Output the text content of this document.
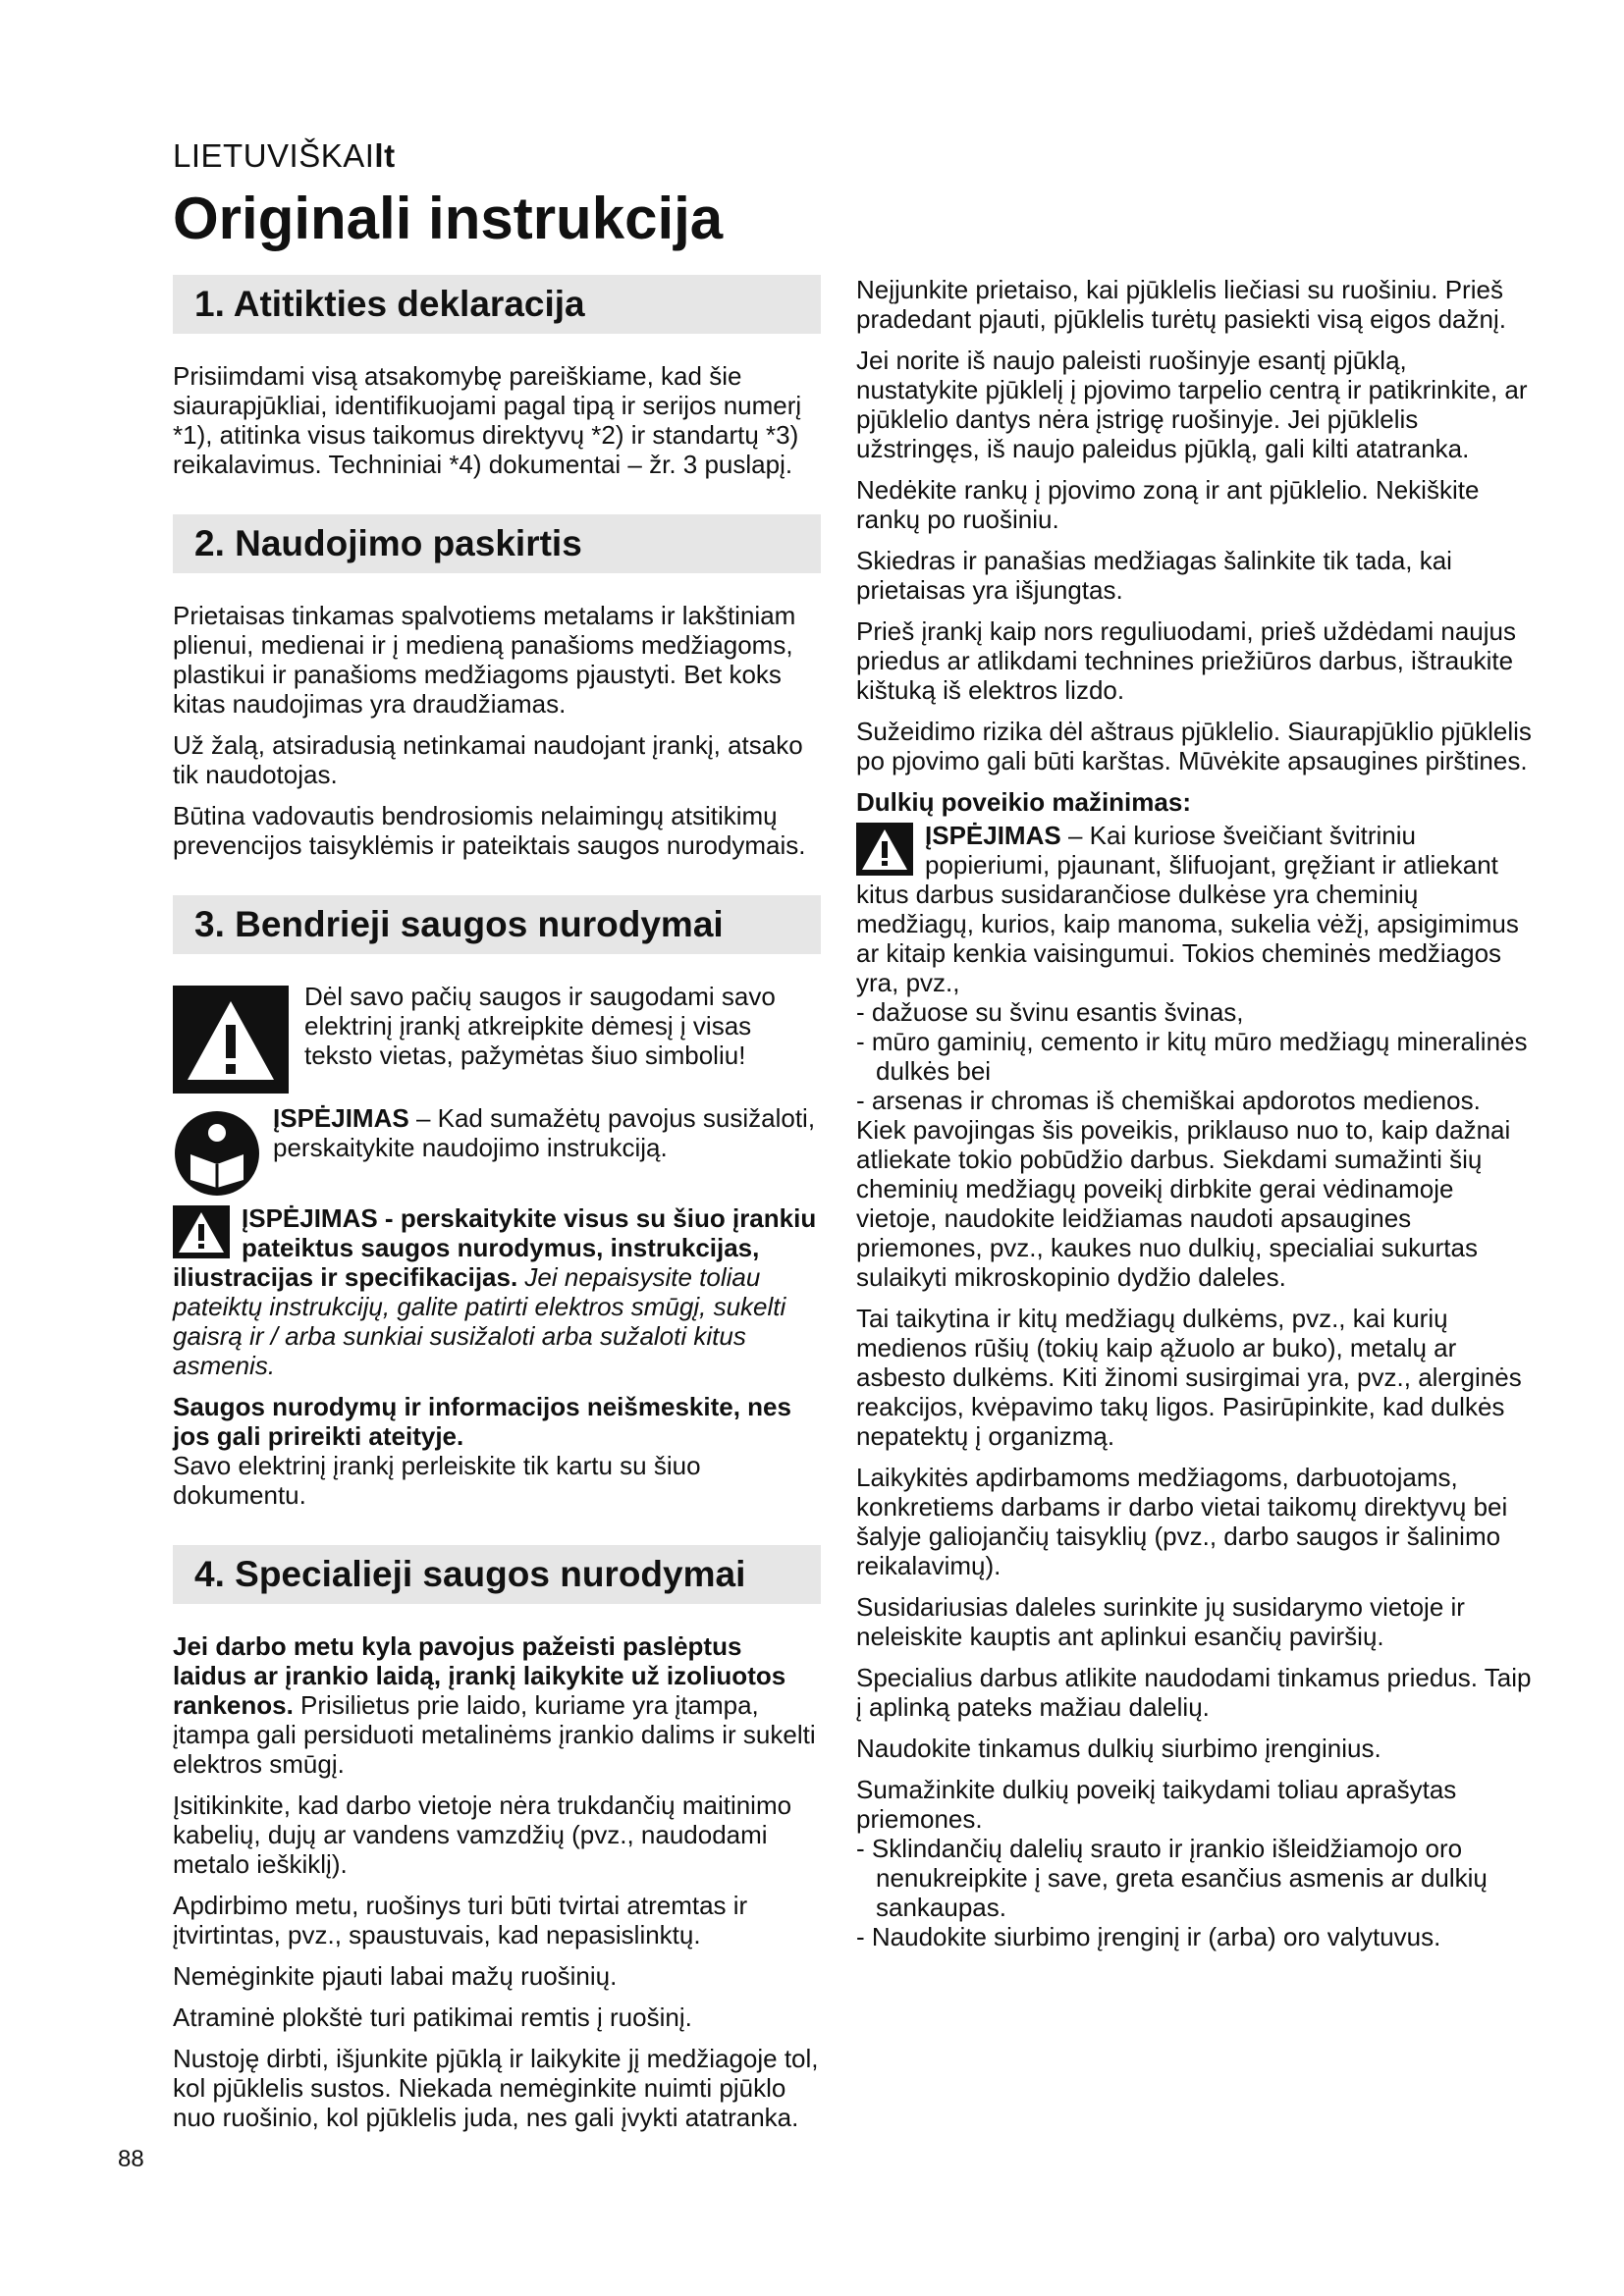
LIETUVIŠKAIlt
Originali instrukcija
1. Atitikties deklaracija

Prisiimdami visą atsakomybę pareiškiame, kad šie siaurapjūkliai, identifikuojami pagal tipą ir serijos numerį *1), atitinka visus taikomus direktyvų *2) ir standartų *3) reikalavimus. Techniniai *4) dokumentai – žr. 3 puslapį.

2. Naudojimo paskirtis

Prietaisas tinkamas spalvotiems metalams ir lakštiniam plienui, medienai ir į medieną panašioms medžiagoms, plastikui ir panašioms medžiagoms pjaustyti. Bet koks kitas naudojimas yra draudžiamas.

Už žalą, atsiradusią netinkamai naudojant įrankį, atsako tik naudotojas.

Būtina vadovautis bendrosiomis nelaimingų atsitikimų prevencijos taisyklėmis ir pateiktais saugos nurodymais.

3. Bendrieji saugos nurodymai

Dėl savo pačių saugos ir saugodami savo elektrinį įrankį atkreipkite dėmesį į visas teksto vietas, pažymėtas šiuo simboliu!

ĮSPĖJIMAS – Kad sumažėtų pavojus susižaloti, perskaitykite naudojimo instrukciją.

ĮSPĖJIMAS - perskaitykite visus su šiuo įrankiu pateiktus saugos nurodymus, instrukcijas, iliustracijas ir specifikacijas. Jei nepaisysite toliau pateiktų instrukcijų, galite patirti elektros smūgį, sukelti gaisrą ir / arba sunkiai susižaloti arba sužaloti kitus asmenis.

Saugos nurodymų ir informacijos neišmeskite, nes jos gali prireikti ateityje.
Savo elektrinį įrankį perleiskite tik kartu su šiuo dokumentu.

4. Specialieji saugos nurodymai

Jei darbo metu kyla pavojus pažeisti paslėptus laidus ar įrankio laidą, įrankį laikykite už izoliuotos rankenos. Prisilietus prie laido, kuriame yra įtampa, įtampa gali persiduoti metalinėms įrankio dalims ir sukelti elektros smūgį.

Įsitikinkite, kad darbo vietoje nėra trukdančių maitinimo kabelių, dujų ar vandens vamzdžių (pvz., naudodami metalo ieškiklį).

Apdirbimo metu, ruošinys turi būti tvirtai atremtas ir įtvirtintas, pvz., spaustuvais, kad nepasislinktų.

Nemėginkite pjauti labai mažų ruošinių.

Atraminė plokštė turi patikimai remtis į ruošinį.

Nustoję dirbti, išjunkite pjūklą ir laikykite jį medžiagoje tol, kol pjūklelis sustos. Niekada nemėginkite nuimti pjūklo nuo ruošinio, kol pjūklelis juda, nes gali įvykti atatranka.

Neįjunkite prietaiso, kai pjūklelis liečiasi su ruošiniu. Prieš pradedant pjauti, pjūklelis turėtų pasiekti visą eigos dažnį.

Jei norite iš naujo paleisti ruošinyje esantį pjūklą, nustatykite pjūklelį į pjovimo tarpelio centrą ir patikrinkite, ar pjūklelio dantys nėra įstrigę ruošinyje. Jei pjūklelis užstringęs, iš naujo paleidus pjūklą, gali kilti atatranka.

Nedėkite rankų į pjovimo zoną ir ant pjūklelio. Nekiškite rankų po ruošiniu.

Skiedras ir panašias medžiagas šalinkite tik tada, kai prietaisas yra išjungtas.

Prieš įrankį kaip nors reguliuodami, prieš uždėdami naujus priedus ar atlikdami technines priežiūros darbus, ištraukite kištuką iš elektros lizdo.

Sužeidimo rizika dėl aštraus pjūklelio. Siaurapjūklio pjūklelis po pjovimo gali būti karštas. Mūvėkite apsaugines pirštines.

Dulkių poveikio mažinimas:
ĮSPĖJIMAS – Kai kuriose šveičiant švitriniu popieriumi, pjaunant, šlifuojant, gręžiant ir atliekant kitus darbus susidarančiose dulkėse yra cheminių medžiagų, kurios, kaip manoma, sukelia vėžį, apsigimimus ar kitaip kenkia vaisingumui. Tokios cheminės medžiagos yra, pvz.,
- dažuose su švinu esantis švinas,
- mūro gaminių, cemento ir kitų mūro medžiagų mineralinės dulkės bei
- arsenas ir chromas iš chemiškai apdorotos medienos.

Kiek pavojingas šis poveikis, priklauso nuo to, kaip dažnai atliekate tokio pobūdžio darbus. Siekdami sumažinti šių cheminių medžiagų poveikį dirbkite gerai vėdinamoje vietoje, naudokite leidžiamas naudoti apsaugines priemones, pvz., kaukes nuo dulkių, specialiai sukurtas sulaikyti mikroskopinio dydžio daleles.

Tai taikytina ir kitų medžiagų dulkėms, pvz., kai kurių medienos rūšių (tokių kaip ąžuolo ar buko), metalų ar asbesto dulkėms. Kiti žinomi susirgimai yra, pvz., alerginės reakcijos, kvėpavimo takų ligos. Pasirūpinkite, kad dulkės nepatektų į organizmą.

Laikykitės apdirbamoms medžiagoms, darbuotojams, konkretiems darbams ir darbo vietai taikomų direktyvų bei šalyje galiojančių taisyklių (pvz., darbo saugos ir šalinimo reikalavimų).

Susidariusias daleles surinkite jų susidarymo vietoje ir neleiskite kauptis ant aplinkui esančių paviršių.

Specialius darbus atlikite naudodami tinkamus priedus. Taip į aplinką pateks mažiau dalelių.

Naudokite tinkamus dulkių siurbimo įrenginius.

Sumažinkite dulkių poveikį taikydami toliau aprašytas priemones.

- Sklindančių dalelių srauto ir įrankio išleidžiamojo oro nenukreipkite į save, greta esančius asmenis ar dulkių sankaupas.
- Naudokite siurbimo įrenginį ir (arba) oro valytuvus.
88
